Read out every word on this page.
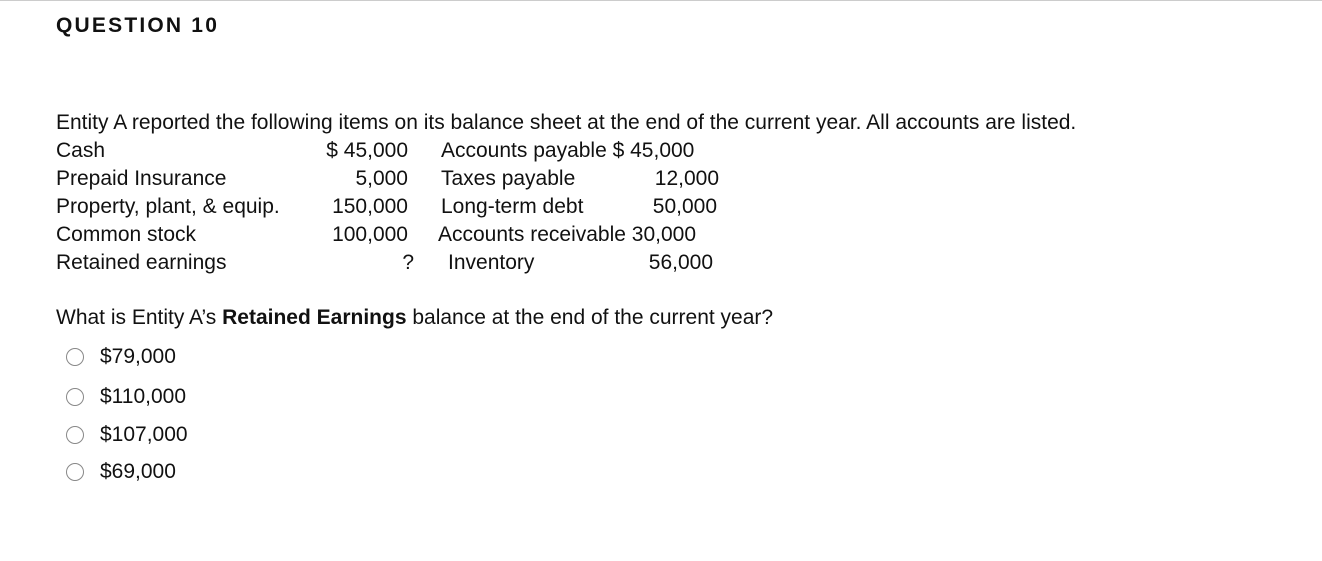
QUESTION 10
Entity A reported the following items on its balance sheet at the end of the current year. All accounts are listed.
Cash	$ 45,000 Accounts payable $ 45,000
Prepaid Insurance	5,000 Taxes payable	12,000
Property, plant, & equip. 150,000 Long-term debt	50,000
Common stock	100,000 Accounts receivable 30,000
Retained earnings	? Inventory	56,000
What is Entity A’s Retained Earnings balance at the end of the current year?
$79,000
$110,000
$107,000
$69,000
